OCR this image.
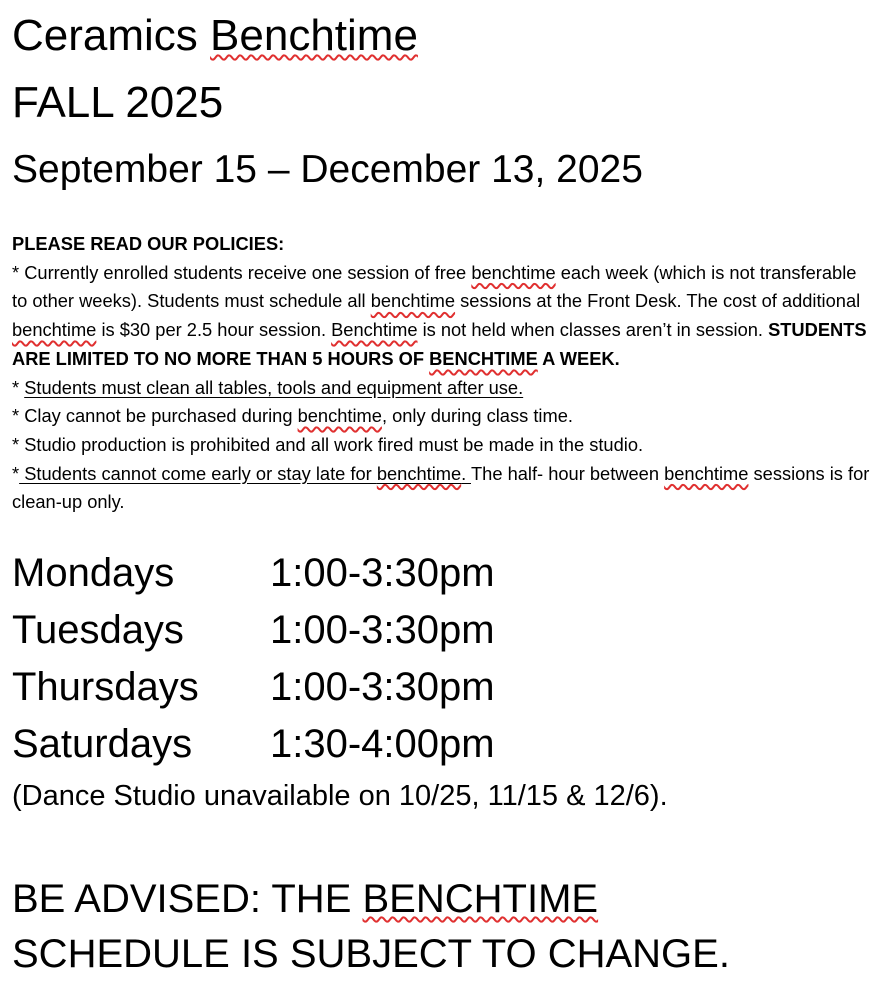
Ceramics Benchtime
FALL 2025
September 15 – December 13, 2025

PLEASE READ OUR POLICIES:

* Currently enrolled students receive one session of free benchtime each week (which is not transferable to other weeks). Students must schedule all benchtime sessions at the Front Desk. The cost of additional benchtime is $30 per 2.5 hour session. Benchtime is not held when classes aren’t in session. STUDENTS ARE LIMITED TO NO MORE THAN 5 HOURS OF BENCHTIME A WEEK.

* Students must clean all tables, tools and equipment after use.

* Clay cannot be purchased during benchtime, only during class time.

* Studio production is prohibited and all work fired must be made in the studio.

* Students cannot come early or stay late for benchtime. The half- hour between benchtime sessions is for clean-up only.

Mondays	1:00-3:30pm
Tuesdays	1:00-3:30pm
Thursdays	1:00-3:30pm
Saturdays	1:30-4:00pm
(Dance Studio unavailable on 10/25, 11/15 & 12/6).
BE ADVISED: THE BENCHTIME
SCHEDULE IS SUBJECT TO CHANGE.
